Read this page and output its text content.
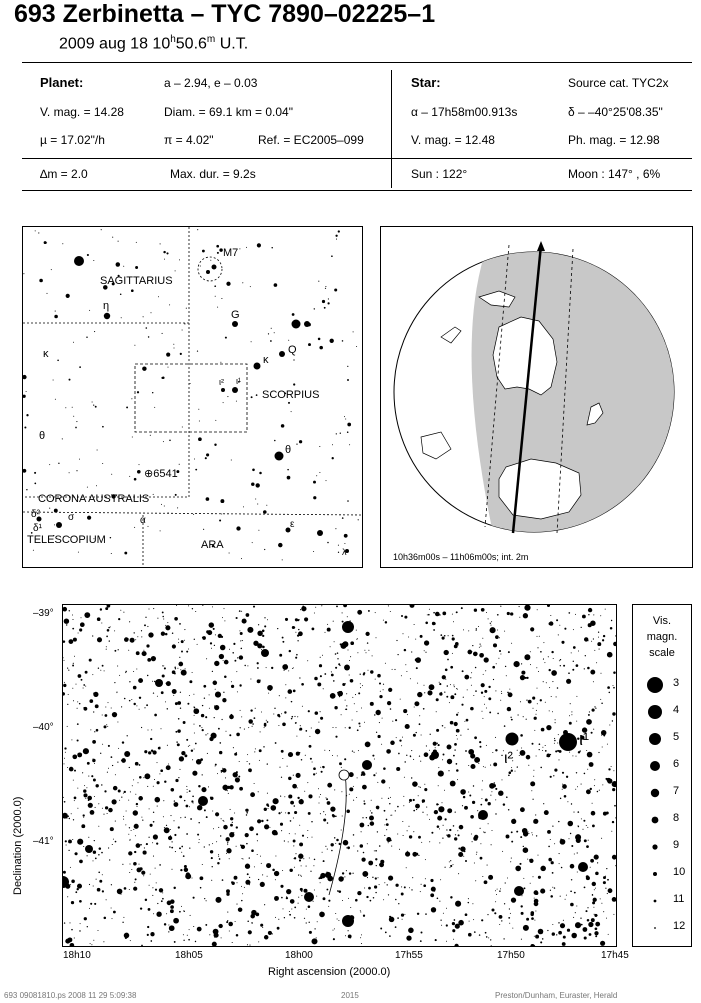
693 Zerbinetta – TYC 7890–02225–1
2009 aug 18 10$^h$50.6$^m$ U.T.
Planet:	a – 2.94, e – 0.03
V. mag. = 14.28	Diam. = 69.1 km = 0.04"
µ = 17.02"/h	π = 4.02"	Ref. = EC2005–099
∆m = 2.0	Max. dur. = 9.2s
Star:	Source cat. TYC2x
α – 17h58m00.913s	δ – –40°25'08.35"
V. mag. = 12.48	Ph. mag. = 12.98
Sun : 122°	Moon : 147° , 6%
M7
SAGITTARIUS
η
G
Q
κ	κ
ι¹
ι²
SCORPIUS
θ
θ
⊕6541
CORONA AUSTRALIS
δ²
δ¹
α
σ
TELESCOPIUM	ARA
ε
λ	10h36m00s – 11h06m00s; int. 2m
ι²
ι¹
–39°
–40°
–41°
Declination (2000.0)
18h10	18h05	18h00	17h55	17h50	17h45
Right ascension (2000.0)
Vis.
magn.
scale
3
4
5
6
7
8
9
10
11
12
693 09081810.ps 2008 11 29 5:09:38	2015	Preston/Dunham, Euraster, Herald
